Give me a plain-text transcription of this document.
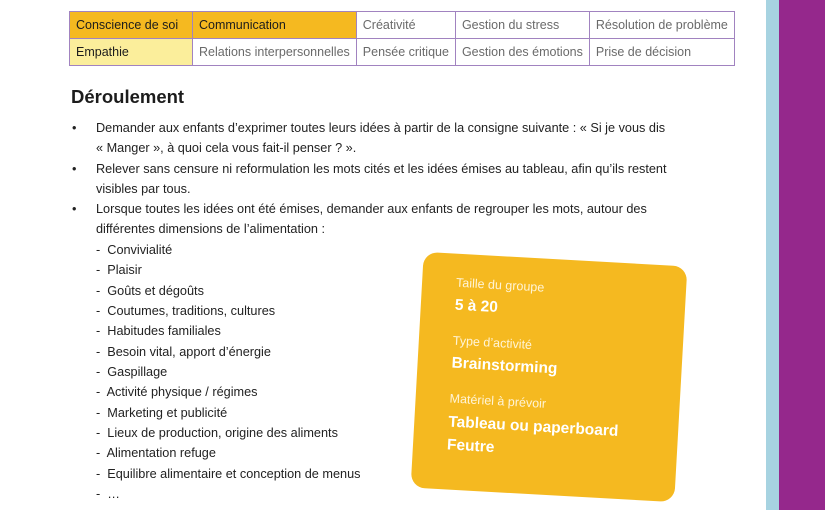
Conscience de soi	Communication	Créativité	Gestion du stress	Résolution de problème
Empathie	Relations interpersonnelles	Pensée critique	Gestion des émotions	Prise de décision
Déroulement
• Demander aux enfants d’exprimer toutes leurs idées à partir de la consigne suivante : « Si je vous dis
« Manger », à quoi cela vous fait-il penser ? ».
• Relever sans censure ni reformulation les mots cités et les idées émises au tableau, afin qu’ils restent
visibles par tous.
• Lorsque toutes les idées ont été émises, demander aux enfants de regrouper les mots, autour des
différentes dimensions de l’alimentation :
-  Convivialité
-  Plaisir
-  Goûts et dégoûts
-  Coutumes, traditions, cultures
-  Habitudes familiales
-  Besoin vital, apport d’énergie
-  Gaspillage
-  Activité physique / régimes
-  Marketing et publicité
-  Lieux de production, origine des aliments
-  Alimentation refuge
-  Equilibre alimentaire et conception de menus
-  …
Taille du groupe
5 à 20
Type d’activité
Brainstorming
Matériel à prévoir
Tableau ou paperboard
Feutre
